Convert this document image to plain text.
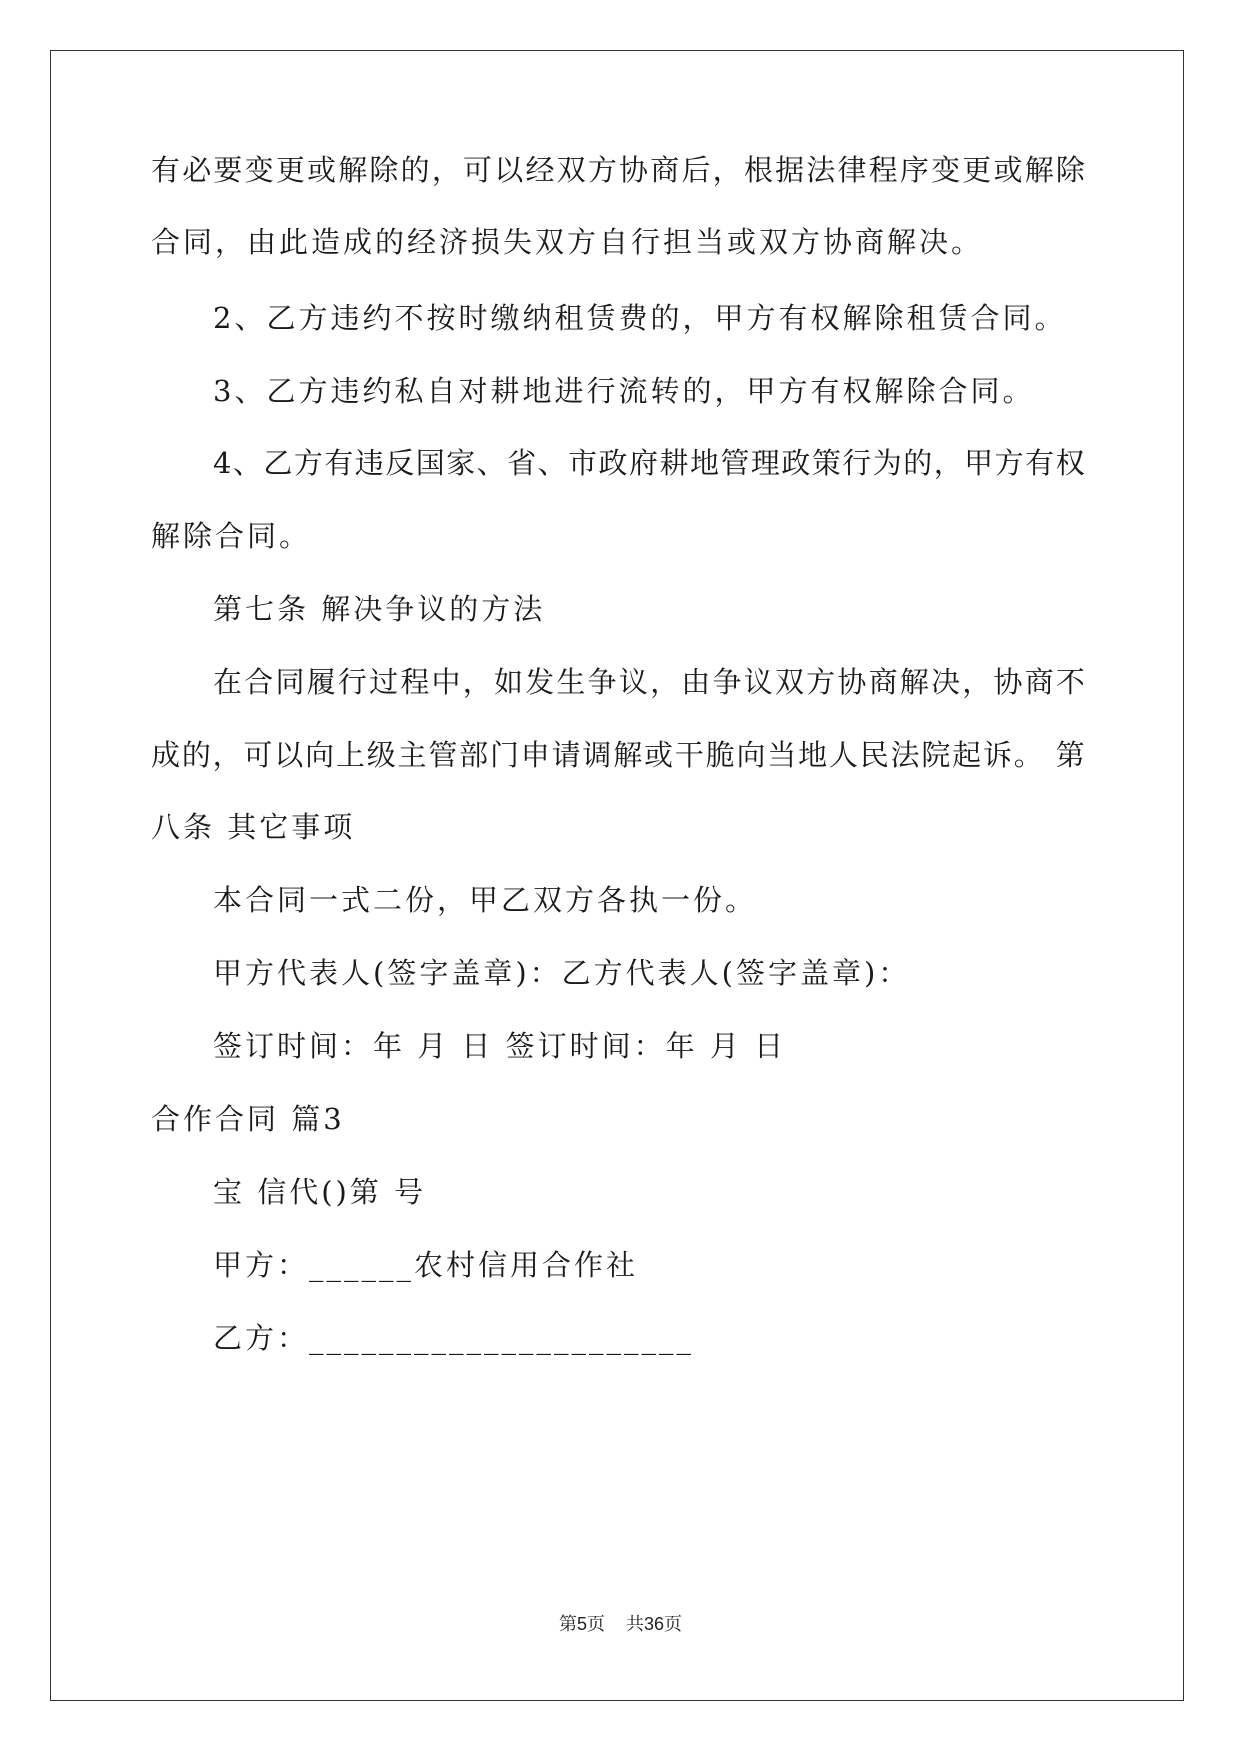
有 必 要 变 更 或 解 除 的 ， 可 以 经 双 方 协 商 后 ， 根 据 法 律 程 序 变 更 或 解 除
合同，由此造成的经济损失双方自行担当或双方协商解决。
2、乙方违约不按时缴纳租赁费的，甲方有权解除租赁合同。
3、乙方违约私自对耕地进行流转的，甲方有权解除合同。
4 、 乙 方 有 违 反 国 家 、 省 、 市 政 府 耕 地 管 理 政 策 行 为 的 ， 甲 方 有 权
解除合同。
第七条 解决争议的方法
在 合 同 履 行 过 程 中 ， 如 发 生 争 议 ， 由 争 议 双 方 协 商 解 决 ， 协 商 不
成 的 ， 可 以 向 上 级 主 管 部 门 申 请 调 解 或 干 脆 向 当 地 人 民 法 院 起 诉 。
第
八条 其它事项
本合同一式二份，甲乙双方各执一份。
甲方代表人(签字盖章)：乙方代表人(签字盖章)：
签订时间：年 月 日 签订时间：年 月 日
合作合同 篇3
宝 信代()第 号
甲方：______农村信用合作社
乙方：______________________
第5页 共36页
